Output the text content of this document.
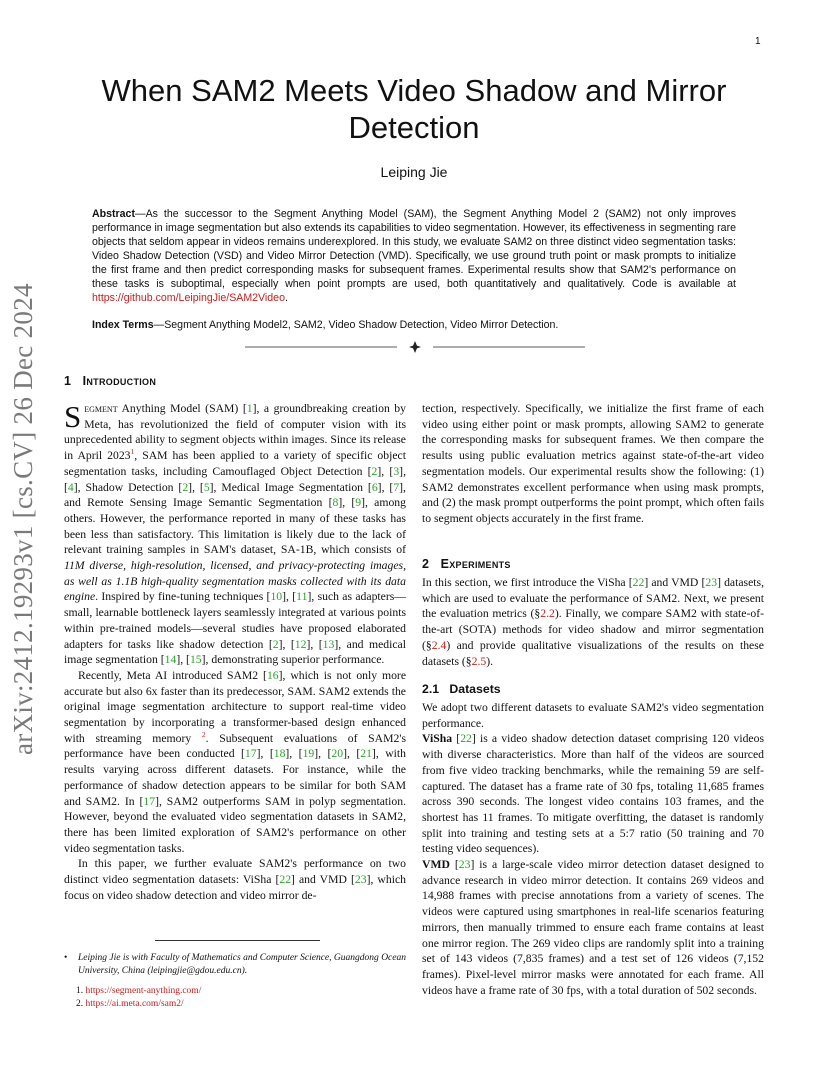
1
arXiv:2412.19293v1 [cs.CV] 26 Dec 2024
When SAM2 Meets Video Shadow and Mirror Detection
Leiping Jie

Abstract—As the successor to the Segment Anything Model (SAM), the Segment Anything Model 2 (SAM2) not only improves performance in image segmentation but also extends its capabilities to video segmentation. However, its effectiveness in segmenting rare objects that seldom appear in videos remains underexplored. In this study, we evaluate SAM2 on three distinct video segmentation tasks: Video Shadow Detection (VSD) and Video Mirror Detection (VMD). Specifically, we use ground truth point or mask prompts to initialize the first frame and then predict corresponding masks for subsequent frames. Experimental results show that SAM2's performance on these tasks is suboptimal, especially when point prompts are used, both quantitatively and qualitatively. Code is available at https://github.com/LeipingJie/SAM2Video.

Index Terms—Segment Anything Model2, SAM2, Video Shadow Detection, Video Mirror Detection.

1 Introduction

Segment Anything Model (SAM) [1], a groundbreaking creation by Meta, has revolutionized the field of computer vision with its unprecedented ability to segment objects within images. Since its release in April 2023$^1$, SAM has been applied to a variety of specific object segmentation tasks, including Camouflaged Object Detection [2], [3], [4], Shadow Detection [2], [5], Medical Image Segmentation [6], [7], and Remote Sensing Image Semantic Segmentation [8], [9], among others. However, the performance reported in many of these tasks has been less than satisfactory. This limitation is likely due to the lack of relevant training samples in SAM's dataset, SA-1B, which consists of 11M diverse, high-resolution, licensed, and privacy-protecting images, as well as 1.1B high-quality segmentation masks collected with its data engine. Inspired by fine-tuning techniques [10], [11], such as adapters—small, learnable bottleneck layers seamlessly integrated at various points within pre-trained models—several studies have proposed elaborated adapters for tasks like shadow detection [2], [12], [13], and medical image segmentation [14], [15], demonstrating superior performance.

Recently, Meta AI introduced SAM2 [16], which is not only more accurate but also 6x faster than its predecessor, SAM. SAM2 extends the original image segmentation architecture to support real-time video segmentation by incorporating a transformer-based design enhanced with streaming memory $^2$. Subsequent evaluations of SAM2's performance have been conducted [17], [18], [19], [20], [21], with results varying across different datasets. For instance, while the performance of shadow detection appears to be similar for both SAM and SAM2. In [17], SAM2 outperforms SAM in polyp segmentation. However, beyond the evaluated video segmentation datasets in SAM2, there has been limited exploration of SAM2's performance on other video segmentation tasks.

In this paper, we further evaluate SAM2's performance on two distinct video segmentation datasets: ViSha [22] and VMD [23], which focus on video shadow detection and video mirror de-

• Leiping Jie is with Faculty of Mathematics and Computer Science, Guangdong Ocean University, China (leipingjie@gdou.edu.cn).
1. https://segment-anything.com/
2. https://ai.meta.com/sam2/

tection, respectively. Specifically, we initialize the first frame of each video using either point or mask prompts, allowing SAM2 to generate the corresponding masks for subsequent frames. We then compare the results using public evaluation metrics against state-of-the-art video segmentation models. Our experimental results show the following: (1) SAM2 demonstrates excellent performance when using mask prompts, and (2) the mask prompt outperforms the point prompt, which often fails to segment objects accurately in the first frame.

2 Experiments

In this section, we first introduce the ViSha [22] and VMD [23] datasets, which are used to evaluate the performance of SAM2. Next, we present the evaluation metrics (§2.2). Finally, we compare SAM2 with state-of-the-art (SOTA) methods for video shadow and mirror segmentation (§2.4) and provide qualitative visualizations of the results on these datasets (§2.5).

2.1 Datasets

We adopt two different datasets to evaluate SAM2's video segmentation performance.

ViSha [22] is a video shadow detection dataset comprising 120 videos with diverse characteristics. More than half of the videos are sourced from five video tracking benchmarks, while the remaining 59 are self-captured. The dataset has a frame rate of 30 fps, totaling 11,685 frames across 390 seconds. The longest video contains 103 frames, and the shortest has 11 frames. To mitigate overfitting, the dataset is randomly split into training and testing sets at a 5:7 ratio (50 training and 70 testing video sequences).

VMD [23] is a large-scale video mirror detection dataset designed to advance research in video mirror detection. It contains 269 videos and 14,988 frames with precise annotations from a variety of scenes. The videos were captured using smartphones in real-life scenarios featuring mirrors, then manually trimmed to ensure each frame contains at least one mirror region. The 269 video clips are randomly split into a training set of 143 videos (7,835 frames) and a test set of 126 videos (7,152 frames). Pixel-level mirror masks were annotated for each frame. All videos have a frame rate of 30 fps, with a total duration of 502 seconds.
